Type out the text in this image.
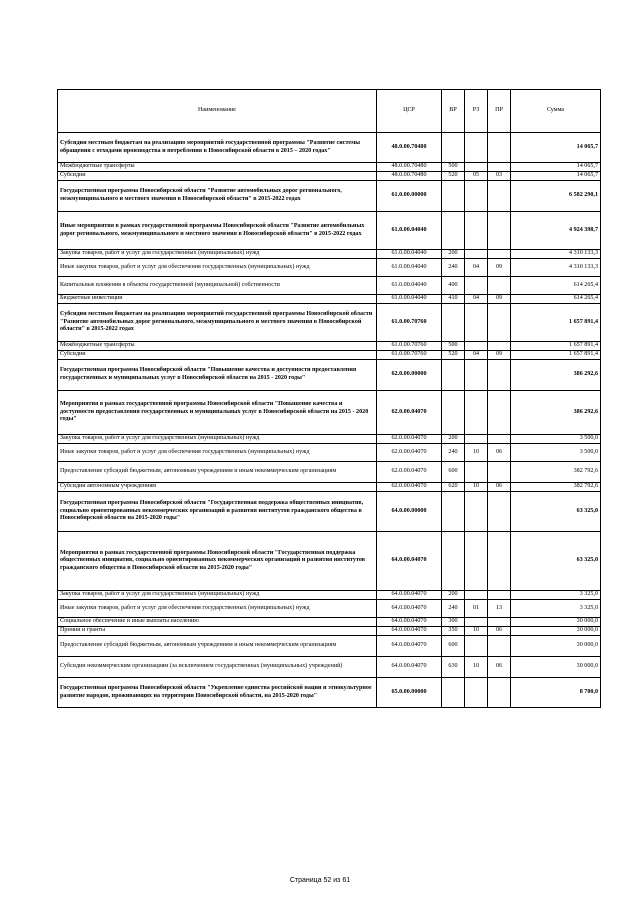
Наименование	ЦСР	ВР	РЗ	ПР	Сумма
Субсидии местным бюджетам на реализацию мероприятий государственной программы "Развитие системы обращения с отходами производства и потребления в Новосибирской области в 2015 – 2020 годах"	48.0.00.70480				14 065,7
Межбюджетные трансферты	48.0.00.70480	500			14 065,7
Субсидии	48.0.00.70480	520	05	03	14 065,7
Государственная программа Новосибирской области "Развитие автомобильных дорог регионального, межмуниципального и местного значения в Новосибирской области" в 2015-2022 годах	61.0.00.00000				6 582 290,1
Иные мероприятия в рамках государственной программы Новосибирской области "Развитие автомобильных дорог регионального, межмуниципального и местного значения в Новосибирской области" в 2015-2022 годах	61.0.00.04040				4 924 398,7
Закупка товаров, работ и услуг для государственных (муниципальных) нужд	61.0.00.04040	200			4 310 133,3
Иные закупки товаров, работ и услуг для обеспечения государственных (муниципальных) нужд	61.0.00.04040	240	04	09	4 310 133,3
Капитальные вложения в объекты государственной (муниципальной) собственности	61.0.00.04040	400			614 265,4
Бюджетные инвестиции	61.0.00.04040	410	04	09	614 265,4
Субсидии местным бюджетам на реализацию мероприятий государственной программы Новосибирской области "Развитие автомобильных дорог регионального, межмуниципального и местного значения в Новосибирской области" в 2015-2022 годах	61.0.00.70760				1 657 891,4
Межбюджетные трансферты	61.0.00.70760	500			1 657 891,4
Субсидии	61.0.00.70760	520	04	09	1 657 891,4
Государственная программа Новосибирской области "Повышение качества и доступности предоставления государственных и муниципальных услуг в Новосибирской области на 2015 - 2020 годы"	62.0.00.00000				386 292,6
Мероприятия в рамках государственной программы Новосибирской области "Повышение качества и доступности предоставления государственных и муниципальных услуг в Новосибирской области на 2015 - 2020 годы"	62.0.00.04070				386 292,6
Закупка товаров, работ и услуг для государственных (муниципальных) нужд	62.0.00.04070	200			3 500,0
Иные закупки товаров, работ и услуг для обеспечения государственных (муниципальных) нужд	62.0.00.04070	240	10	06	3 500,0
Предоставление субсидий бюджетным, автономным учреждениям и иным некоммерческим организациям	62.0.00.04070	600			382 792,6
Субсидии автономным учреждениям	62.0.00.04070	620	10	06	382 792,6
Государственная программа Новосибирской области "Государственная поддержка общественных инициатив, социально ориентированных некоммерческих организаций и развития институтов гражданского общества в Новосибирской области на 2015-2020 годы"	64.0.00.00000				63 325,0
Мероприятия в рамках государственной программы Новосибирской области "Государственная поддержка общественных инициатив, социально ориентированных некоммерческих организаций и развития институтов гражданского общества в Новосибирской области на 2015-2020 годы"	64.0.00.04070				63 325,0
Закупка товаров, работ и услуг для государственных (муниципальных) нужд	64.0.00.04070	200			3 325,0
Иные закупки товаров, работ и услуг для обеспечения государственных (муниципальных) нужд	64.0.00.04070	240	01	13	3 325,0
Социальное обеспечение и иные выплаты населению	64.0.00.04070	300			30 000,0
Премии и гранты	64.0.00.04070	350	10	06	30 000,0
Предоставление субсидий бюджетным, автономным учреждениям и иным некоммерческим организациям	64.0.00.04070	600			30 000,0
Субсидии некоммерческим организациям (за исключением государственных (муниципальных) учреждений)	64.0.00.04070	630	10	06	30 000,0
Государственная программа Новосибирской области "Укрепление единства российской нации и этнокультурное развитие народов, проживающих на территории Новосибирской области, на 2015-2020 годы"	65.0.00.00000				8 700,0
Страница 52 из 61
